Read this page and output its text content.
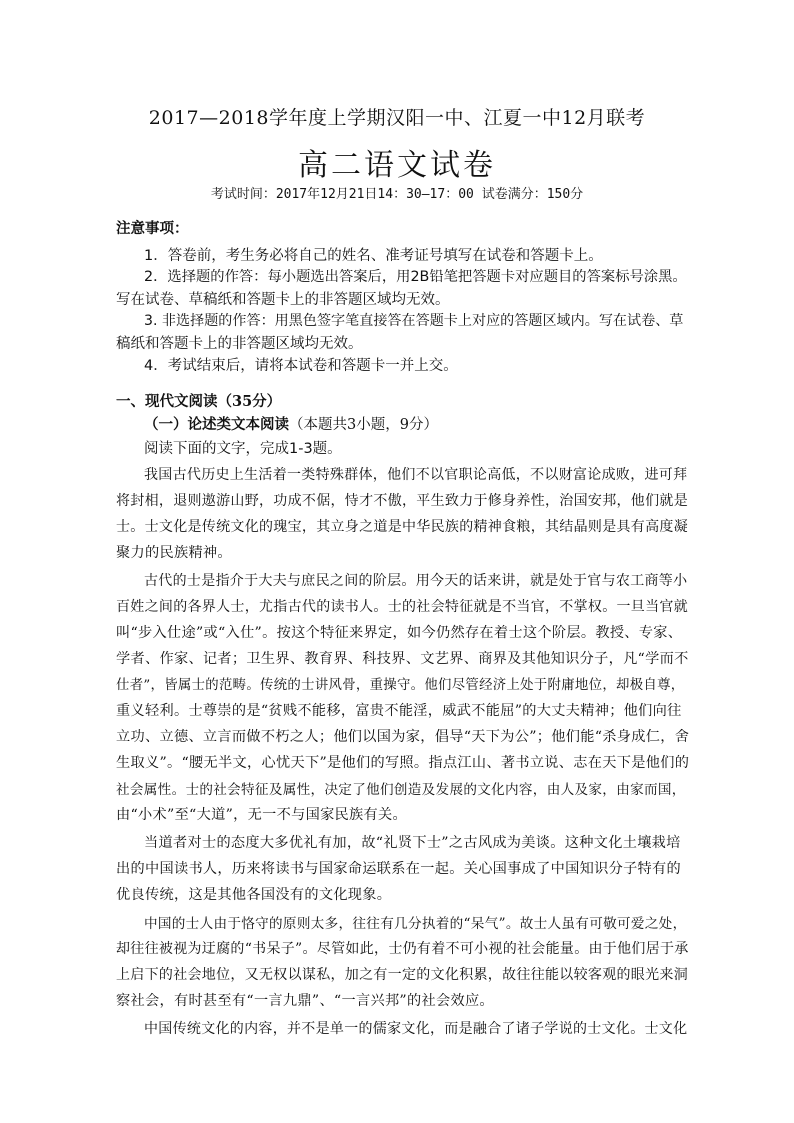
2017—2018学年度上学期汉阳一中、江夏一中12月联考
高二语文试卷
考试时间：2017年12月21日14：30—17：00 试卷满分：150分
注意事项：
1．答卷前，考生务必将自己的姓名、准考证号填写在试卷和答题卡上。
2．选择题的作答：每小题选出答案后，用2B铅笔把答题卡对应题目的答案标号涂黑。
写在试卷、草稿纸和答题卡上的非答题区域均无效。
3. 非选择题的作答：用黑色签字笔直接答在答题卡上对应的答题区域内。写在试卷、草
稿纸和答题卡上的非答题区域均无效。
4．考试结束后，请将本试卷和答题卡一并上交。
一、现代文阅读（35分）
（一）论述类文本阅读（本题共3小题，9分）
阅读下面的文字，完成1-3题。
我国古代历史上生活着一类特殊群体，他们不以官职论高低，不以财富论成败，进可拜
将封相，退则遨游山野，功成不倨，恃才不傲，平生致力于修身养性，治国安邦，他们就是
士。士文化是传统文化的瑰宝，其立身之道是中华民族的精神食粮，其结晶则是具有高度凝
聚力的民族精神。
古代的士是指介于大夫与庶民之间的阶层。用今天的话来讲，就是处于官与农工商等小
百姓之间的各界人士，尤指古代的读书人。士的社会特征就是不当官，不掌权。一旦当官就
叫“步入仕途”或“入仕”。按这个特征来界定，如今仍然存在着士这个阶层。教授、专家、
学者、作家、记者；卫生界、教育界、科技界、文艺界、商界及其他知识分子，凡“学而不
仕者”，皆属士的范畴。传统的士讲风骨，重操守。他们尽管经济上处于附庸地位，却极自尊，
重义轻利。士尊崇的是“贫贱不能移，富贵不能淫，威武不能屈”的大丈夫精神；他们向往
立功、立德、立言而做不朽之人；他们以国为家，倡导“天下为公”；他们能“杀身成仁，舍
生取义”。“腰无半文，心忧天下”是他们的写照。指点江山、著书立说、志在天下是他们的
社会属性。士的社会特征及属性，决定了他们创造及发展的文化内容，由人及家，由家而国，
由“小术”至“大道”，无一不与国家民族有关。
当道者对士的态度大多优礼有加，故“礼贤下士”之古风成为美谈。这种文化土壤栽培
出的中国读书人，历来将读书与国家命运联系在一起。关心国事成了中国知识分子特有的
优良传统，这是其他各国没有的文化现象。
中国的士人由于恪守的原则太多，往往有几分执着的“呆气”。故士人虽有可敬可爱之处，
却往往被视为迂腐的“书呆子”。尽管如此，士仍有着不可小视的社会能量。由于他们居于承
上启下的社会地位，又无权以谋私，加之有一定的文化积累，故往往能以较客观的眼光来洞
察社会，有时甚至有“一言九鼎”、“一言兴邦”的社会效应。
中国传统文化的内容，并不是单一的儒家文化，而是融合了诸子学说的士文化。士文化
